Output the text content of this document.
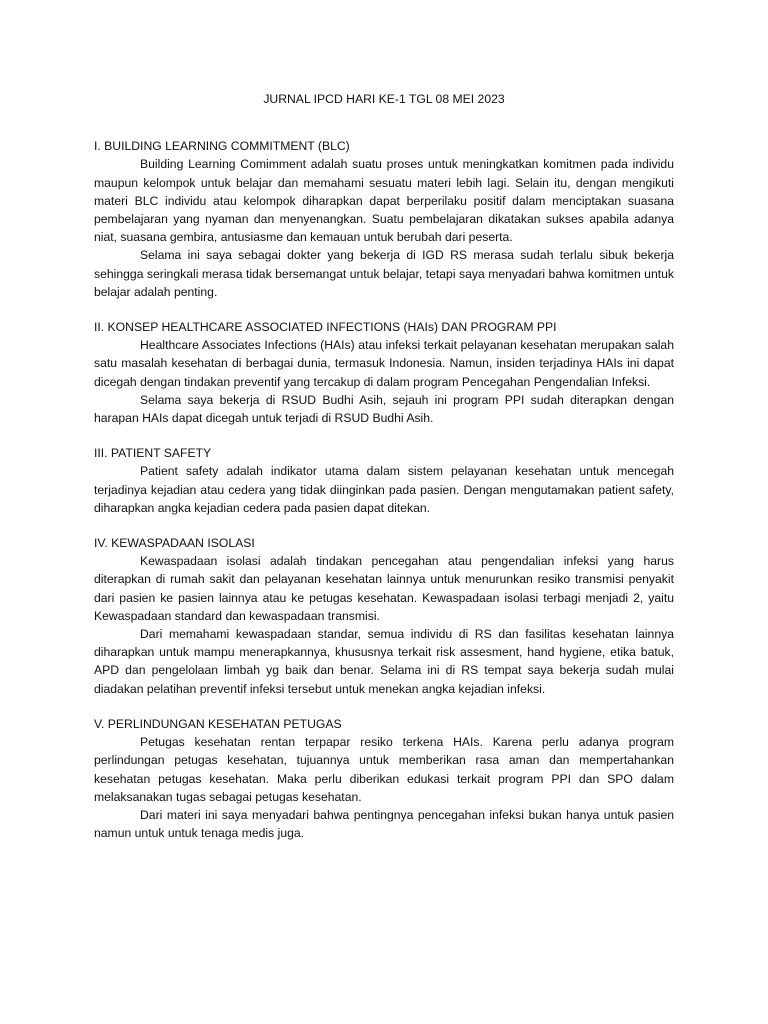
JURNAL IPCD HARI KE-1 TGL 08 MEI 2023
I. BUILDING LEARNING COMMITMENT (BLC)

Building Learning Comimment adalah suatu proses untuk meningkatkan komitmen pada individu maupun kelompok untuk belajar dan memahami sesuatu materi lebih lagi. Selain itu, dengan mengikuti materi BLC individu atau kelompok diharapkan dapat berperilaku positif dalam menciptakan suasana pembelajaran yang nyaman dan menyenangkan. Suatu pembelajaran dikatakan sukses apabila adanya niat, suasana gembira, antusiasme dan kemauan untuk berubah dari peserta.

Selama ini saya sebagai dokter yang bekerja di IGD RS merasa sudah terlalu sibuk bekerja sehingga seringkali merasa tidak bersemangat untuk belajar, tetapi saya menyadari bahwa komitmen untuk belajar adalah penting.

II. KONSEP HEALTHCARE ASSOCIATED INFECTIONS (HAIs) DAN PROGRAM PPI

Healthcare Associates Infections (HAIs) atau infeksi terkait pelayanan kesehatan merupakan salah satu masalah kesehatan di berbagai dunia, termasuk Indonesia. Namun, insiden terjadinya HAIs ini dapat dicegah dengan tindakan preventif yang tercakup di dalam program Pencegahan Pengendalian Infeksi.

Selama saya bekerja di RSUD Budhi Asih, sejauh ini program PPI sudah diterapkan dengan harapan HAIs dapat dicegah untuk terjadi di RSUD Budhi Asih.

III. PATIENT SAFETY

Patient safety adalah indikator utama dalam sistem pelayanan kesehatan untuk mencegah terjadinya kejadian atau cedera yang tidak diinginkan pada pasien. Dengan mengutamakan patient safety, diharapkan angka kejadian cedera pada pasien dapat ditekan.

IV. KEWASPADAAN ISOLASI

Kewaspadaan isolasi adalah tindakan pencegahan atau pengendalian infeksi yang harus diterapkan di rumah sakit dan pelayanan kesehatan lainnya untuk menurunkan resiko transmisi penyakit dari pasien ke pasien lainnya atau ke petugas kesehatan. Kewaspadaan isolasi terbagi menjadi 2, yaitu Kewaspadaan standard dan kewaspadaan transmisi.

Dari memahami kewaspadaan standar, semua individu di RS dan fasilitas kesehatan lainnya diharapkan untuk mampu menerapkannya, khususnya terkait risk assesment, hand hygiene, etika batuk, APD dan pengelolaan limbah yg baik dan benar. Selama ini di RS tempat saya bekerja sudah mulai diadakan pelatihan preventif infeksi tersebut untuk menekan angka kejadian infeksi.

V. PERLINDUNGAN KESEHATAN PETUGAS

Petugas kesehatan rentan terpapar resiko terkena HAIs. Karena perlu adanya program perlindungan petugas kesehatan, tujuannya untuk memberikan rasa aman dan mempertahankan kesehatan petugas kesehatan. Maka perlu diberikan edukasi terkait program PPI dan SPO dalam melaksanakan tugas sebagai petugas kesehatan.

Dari materi ini saya menyadari bahwa pentingnya pencegahan infeksi bukan hanya untuk pasien namun untuk untuk tenaga medis juga.
